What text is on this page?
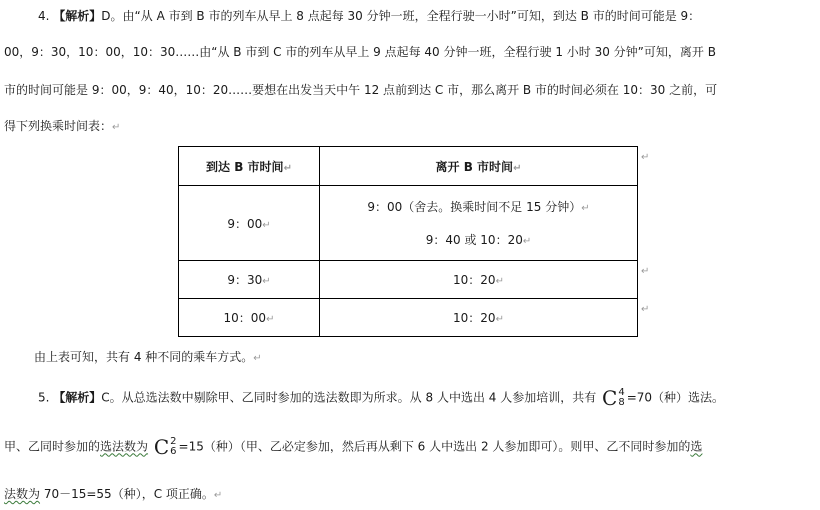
4. 【解析】D。由“从 A 市到 B 市的列车从早上 8 点起每 30 分钟一班，全程行驶一小时”可知，到达 B 市的时间可能是 9：
00，9：30，10：00，10：30……由“从 B 市到 C 市的列车从早上 9 点起每 40 分钟一班，全程行驶 1 小时 30 分钟”可知，离开 B
市的时间可能是 9：00，9：40，10：20……要想在出发当天中午 12 点前到达 C 市，那么离开 B 市的时间必须在 10：30 之前，可
得下列换乘时间表：↵
到达 B 市时间↵	离开 B 市时间↵
9：00↵	9：00（舍去。换乘时间不足 15 分钟）↵
9：40 或 10：20↵

9：30↵	10：20↵
10：00↵	10：20↵
↵
↵
↵
由上表可知，共有 4 种不同的乘车方式。↵
5. 【解析】C。从总选法数中剔除甲、乙同时参加的选法数即为所求。从 8 人中选出 4 人参加培训，共有 C 4
8 =70（种）选法。
甲、乙同时参加的选法数为 C 2
6 =15（种）（甲、乙必定参加，然后再从剩下 6 人中选出 2 人参加即可）。则甲、乙不同时参加的选
法数为 70－15=55（种），C 项正确。↵
